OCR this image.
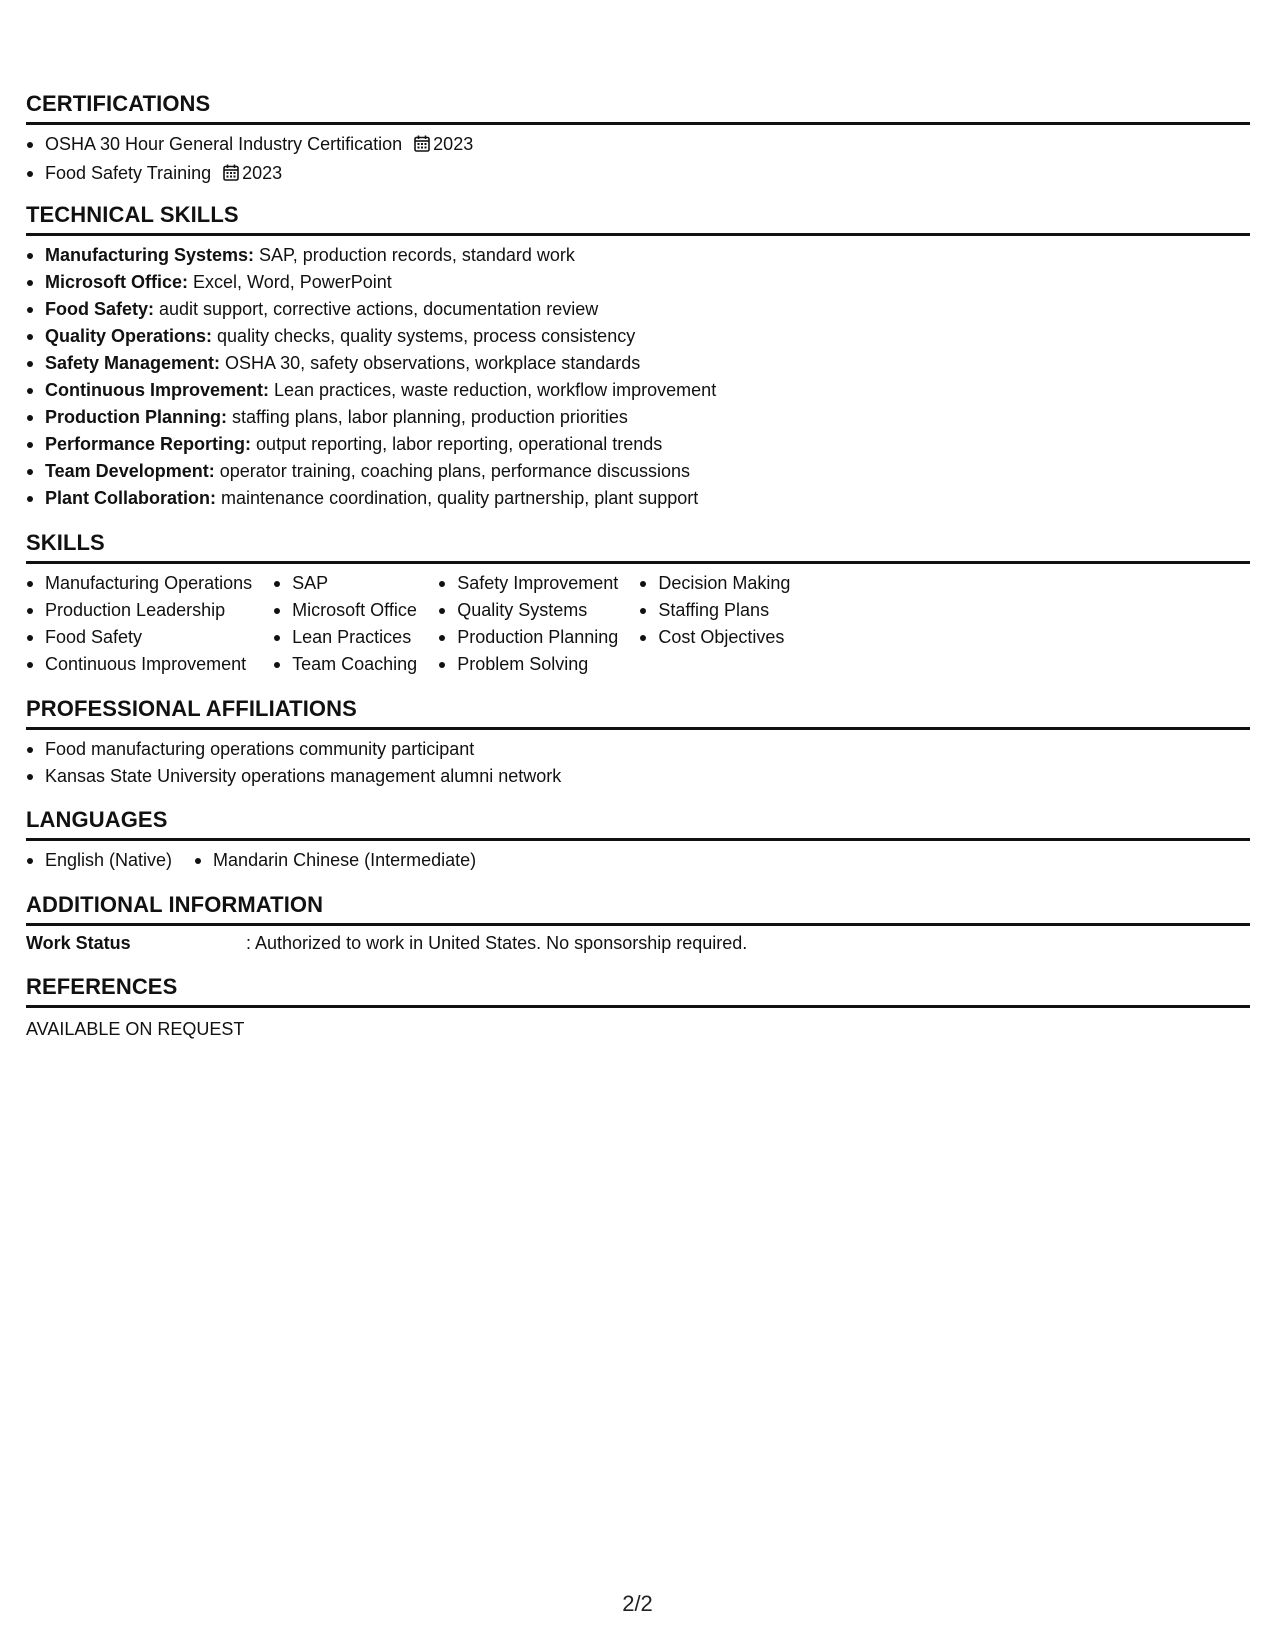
CERTIFICATIONS
OSHA 30 Hour General Industry Certification 2023
Food Safety Training 2023
TECHNICAL SKILLS
Manufacturing Systems: SAP, production records, standard work
Microsoft Office: Excel, Word, PowerPoint
Food Safety: audit support, corrective actions, documentation review
Quality Operations: quality checks, quality systems, process consistency
Safety Management: OSHA 30, safety observations, workplace standards
Continuous Improvement: Lean practices, waste reduction, workflow improvement
Production Planning: staffing plans, labor planning, production priorities
Performance Reporting: output reporting, labor reporting, operational trends
Team Development: operator training, coaching plans, performance discussions
Plant Collaboration: maintenance coordination, quality partnership, plant support
SKILLS
Manufacturing Operations
Production Leadership
Food Safety
Continuous Improvement
SAP
Microsoft Office
Lean Practices
Team Coaching
Safety Improvement
Quality Systems
Production Planning
Problem Solving
Decision Making
Staffing Plans
Cost Objectives
PROFESSIONAL AFFILIATIONS
Food manufacturing operations community participant
Kansas State University operations management alumni network
LANGUAGES
English (Native)	Mandarin Chinese (Intermediate)
ADDITIONAL INFORMATION
Work Status	: Authorized to work in United States. No sponsorship required.
REFERENCES
AVAILABLE ON REQUEST
2/2
